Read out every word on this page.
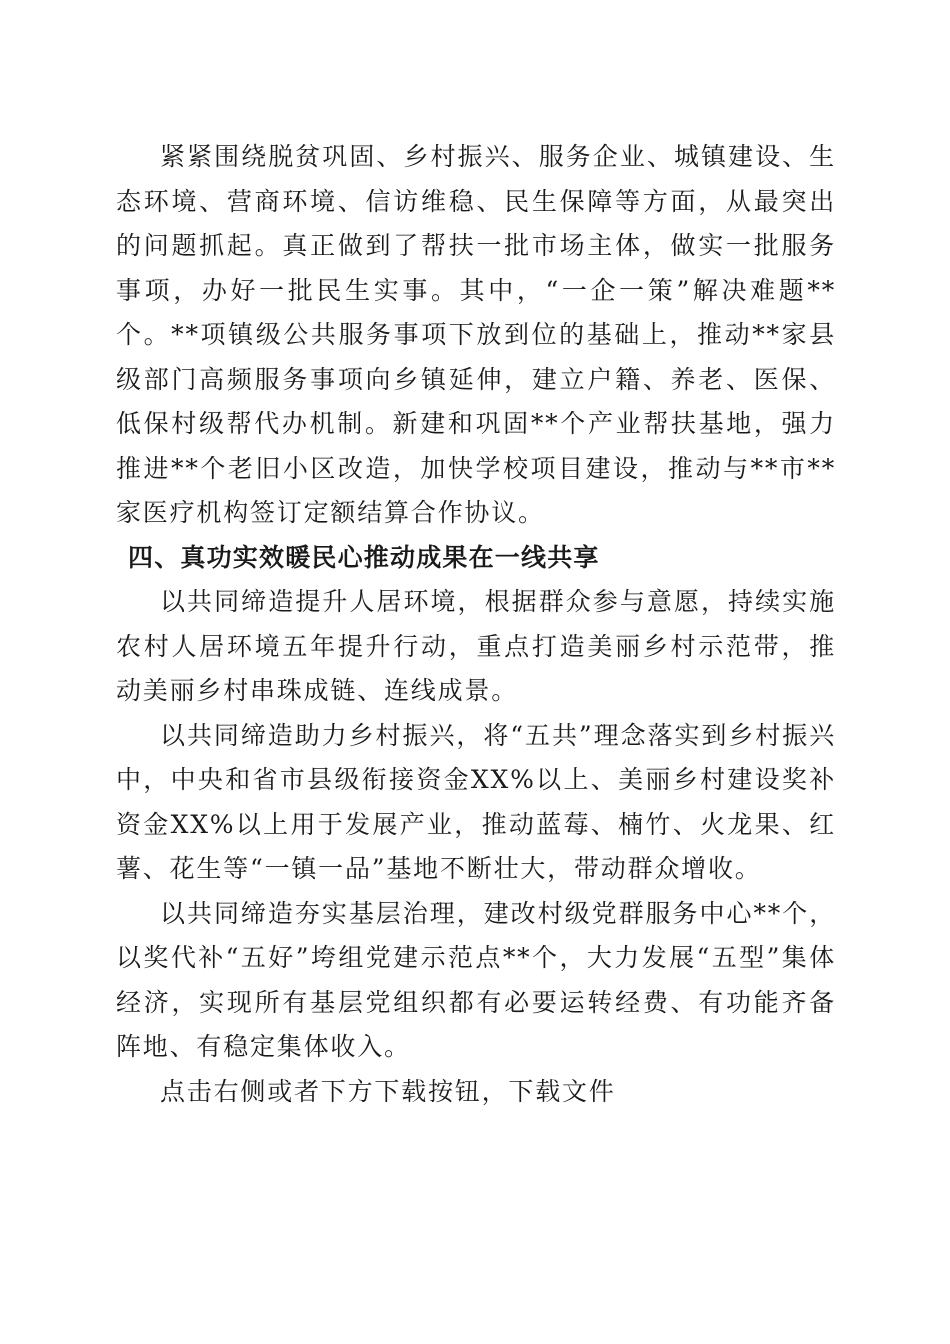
紧紧围绕脱贫巩固、乡村振兴、服务企业、城镇建设、生态环境、营商环境、信访维稳、民生保障等方面，从最突出的问题抓起。真正做到了帮扶一批市场主体，做实一批服务事项，办好一批民生实事。其中，“一企一策”解决难题**个。**项镇级公共服务事项下放到位的基础上，推动**家县级部门高频服务事项向乡镇延伸，建立户籍、养老、医保、低保村级帮代办机制。新建和巩固**个产业帮扶基地，强力推进**个老旧小区改造，加快学校项目建设，推动与**市**家医疗机构签订定额结算合作协议。

四、真功实效暖民心推动成果在一线共享

以共同缔造提升人居环境，根据群众参与意愿，持续实施农村人居环境五年提升行动，重点打造美丽乡村示范带，推动美丽乡村串珠成链、连线成景。

以共同缔造助力乡村振兴，将“五共”理念落实到乡村振兴中，中央和省市县级衔接资金XX%以上、美丽乡村建设奖补资金XX%以上用于发展产业，推动蓝莓、楠竹、火龙果、红薯、花生等“一镇一品”基地不断壮大，带动群众增收。

以共同缔造夯实基层治理，建改村级党群服务中心**个，以奖代补“五好”垮组党建示范点**个，大力发展“五型”集体经济，实现所有基层党组织都有必要运转经费、有功能齐备阵地、有稳定集体收入。

点击右侧或者下方下载按钮，下载文件
